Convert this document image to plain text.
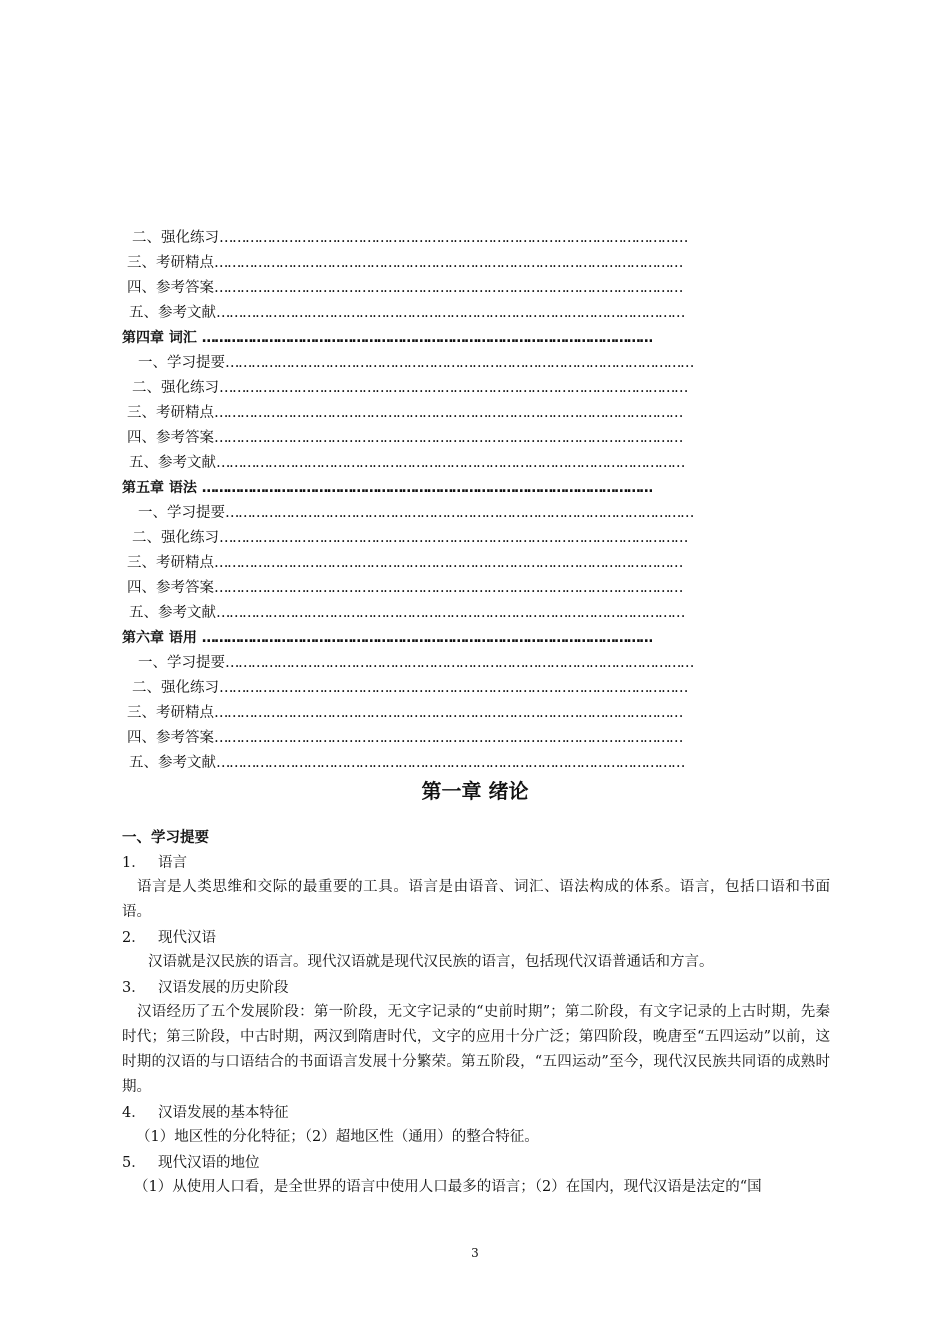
二、强化练习………………………………………………………………………………………………
三、考研精点………………………………………………………………………………………………
四、参考答案………………………………………………………………………………………………
五、参考文献………………………………………………………………………………………………
第四章 词汇 ………………………………………………………………………………………………
一、学习提要………………………………………………………………………………………………
二、强化练习………………………………………………………………………………………………
三、考研精点………………………………………………………………………………………………
四、参考答案………………………………………………………………………………………………
五、参考文献………………………………………………………………………………………………
第五章 语法 ………………………………………………………………………………………………
一、学习提要………………………………………………………………………………………………
二、强化练习………………………………………………………………………………………………
三、考研精点………………………………………………………………………………………………
四、参考答案………………………………………………………………………………………………
五、参考文献………………………………………………………………………………………………
第六章 语用 ………………………………………………………………………………………………
一、学习提要………………………………………………………………………………………………
二、强化练习………………………………………………………………………………………………
三、考研精点………………………………………………………………………………………………
四、参考答案………………………………………………………………………………………………
五、参考文献………………………………………………………………………………………………
第一章 绪论
一、学习提要
1． 语言
语言是人类思维和交际的最重要的工具。语言是由语音、词汇、语法构成的体系。语言，包括口语和书面语。
2． 现代汉语
汉语就是汉民族的语言。现代汉语就是现代汉民族的语言，包括现代汉语普通话和方言。
3． 汉语发展的历史阶段
汉语经历了五个发展阶段：第一阶段，无文字记录的“史前时期”；第二阶段，有文字记录的上古时期，先秦时代；第三阶段，中古时期，两汉到隋唐时代，文字的应用十分广泛；第四阶段，晚唐至“五四运动”以前，这时期的汉语的与口语结合的书面语言发展十分繁荣。第五阶段，“五四运动”至今，现代汉民族共同语的成熟时期。
4． 汉语发展的基本特征
（1）地区性的分化特征；（2）超地区性（通用）的整合特征。
5． 现代汉语的地位
（1）从使用人口看，是全世界的语言中使用人口最多的语言；（2）在国内，现代汉语是法定的“国
3
